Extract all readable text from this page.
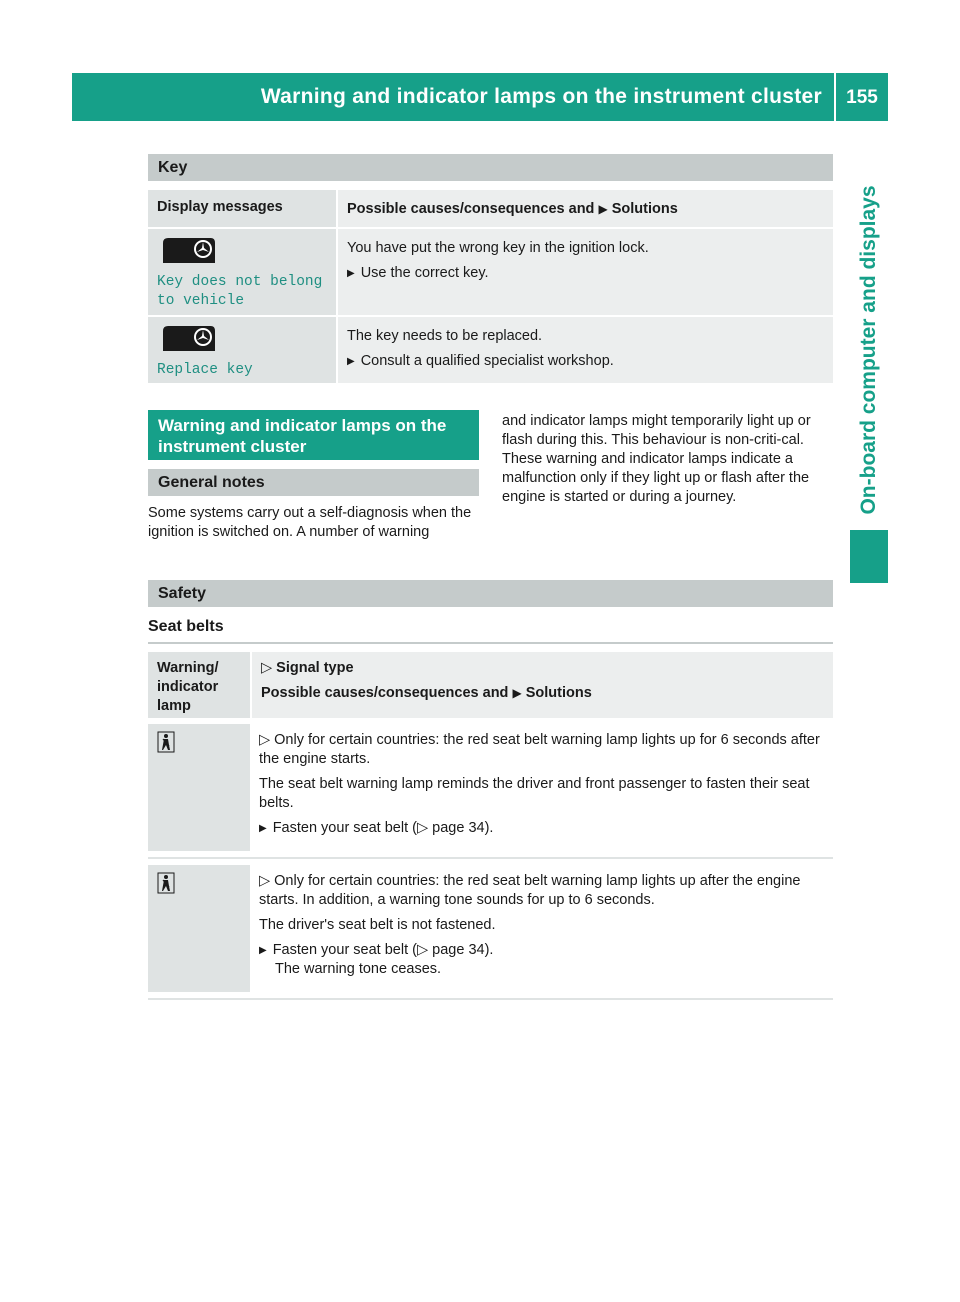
Warning and indicator lamps on the instrument cluster	155
On-board computer and displays
Key
Display messages	Possible causes/consequences and ▶ Solutions
Key does not belong
to vehicle

You have put the wrong key in the ignition lock.

▶ Use the correct key.

Replace key

The key needs to be replaced.

▶ Consult a qualified specialist workshop.

Warning and indicator lamps on the
instrument cluster
General notes
Some systems carry out a self-diagnosis when the ignition is switched on. A number of warning
and indicator lamps might temporarily light up or flash during this. This behaviour is non-criti-cal. These warning and indicator lamps indicate a malfunction only if they light up or flash after the engine is started or during a journey.
Safety
Seat belts
Warning/ indicator lamp

▷ Signal type

Possible causes/consequences and ▶ Solutions

▷ Only for certain countries: the red seat belt warning lamp lights up for 6 seconds after the engine starts.

The seat belt warning lamp reminds the driver and front passenger to fasten their seat belts.

▶ Fasten your seat belt (▷ page 34).

▷ Only for certain countries: the red seat belt warning lamp lights up after the engine starts. In addition, a warning tone sounds for up to 6 seconds.

The driver's seat belt is not fastened.

▶ Fasten your seat belt (▷ page 34).

The warning tone ceases.
